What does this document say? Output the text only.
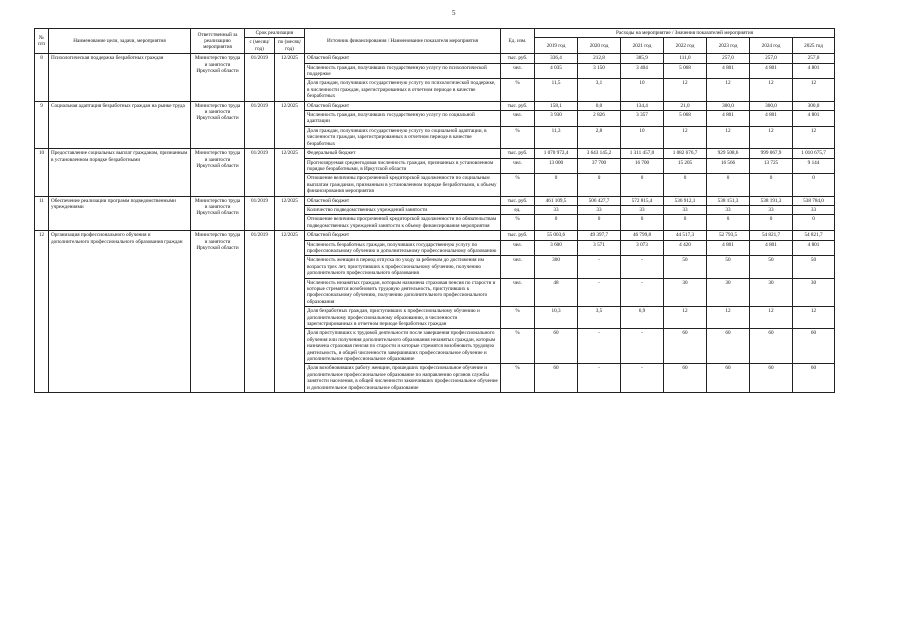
5
№ п/п	Наименование цели, задачи, мероприятия	Ответственный за реализацию мероприятия	Срок реализации		Источник финансирования / Наименование показателя мероприятия	Ед. изм.	Расходы на мероприятие / Значения показателей мероприятия						
			с (месяц/ год)	по (месяц/ год)			2019 год	2020 год	2021 год	2022 год	2023 год	2024 год	2025 год
8	Психологическая поддержка безработных граждан	Министерство труда и занятости Иркутской области	01/2019	12/2025	Областной бюджет	тыс. руб.	336,4	212,8	385,9	111,0	257,0	257,0	257,0
					Численность граждан, получивших государственную услугу по психологической поддержке	чел.	4 035	3 150	3 404	5 068	4 801	4 801	4 801
					Доля граждан, получивших государственную услугу по психологической поддержке, в численности граждан, зарегистрированных в отчетном периоде в качестве безработных	%	11,5	3,1	10	12	12	12	12
9	Социальная адаптация безработных граждан на рынке труда	Министерство труда и занятости Иркутской области	01/2019	12/2025	Областной бюджет	тыс. руб.	158,1	0,0	134,4	21,0	300,0	300,0	300,0
					Численность граждан, получивших государственную услугу по социальной адаптации	чел.	3 930	2 826	3 357	5 068	4 801	4 801	4 801
					Доля граждан, получивших государственную услугу по социальной адаптации, в численности граждан, зарегистрированных в отчетном периоде в качестве безработных	%	11,3	2,8	10	12	12	12	12
10	Предоставление социальных выплат гражданам, признанным в установленном порядке безработными	Министерство труда и занятости Иркутской области	01/2019	12/2025	Федеральный бюджет	тыс. руб.	1 070 972,4	3 643 145,2	1 311 457,0	1 082 676,7	929 508,6	999 067,9	1 010 675,7
					Прогнозируемая среднегодовая численность граждан, признанных в установленном порядке безработными, в Иркутской области	чел.	13 000	37 700	16 700	15 205	16 566	13 725	9 144
					Отношение величины просроченной кредиторской задолженности по социальным выплатам гражданам, признанным в установленном порядке безработными, к объему финансирования мероприятия	%	0	0	0	0	0	0	0
11	Обеспечение реализации программ подведомственными учреждениями	Министерство труда и занятости Иркутской области	01/2019	12/2025	Областной бюджет	тыс. руб.	461 109,5	506 427,7	572 815,4	536 912,1	538 151,3	538 191,3	538 784,0
					Количество подведомственных учреждений занятости	ед.	33	33	33	33	33	33	33
					Отношение величины просроченной кредиторской задолженности по обязательствам подведомственных учреждений занятости к объему финансирования мероприятия	%	0	0	0	0	0	0	0
12	Организация профессионального обучения и дополнительного профессионального образования граждан	Министерство труда и занятости Иркутской области	01/2019	12/2025	Областной бюджет	тыс. руб.	55 003,6	49 397,7	46 799,8	44 517,3	52 793,5	54 821,7	54 821,7
					Численность безработных граждан, получивших государственную услугу по профессиональному обучению и дополнительному профессиональному образованию	чел.	3 600	3 571	3 073	4 420	4 801	4 801	4 801
					Численность женщин в период отпуска по уходу за ребенком до достижения им возраста трех лет, приступивших к профессиональному обучению, получению дополнительного профессионального образования	чел.	300	-	-	50	50	50	50
					Численность незанятых граждан, которым назначена страховая пенсия по старости и которые стремятся возобновить трудовую деятельность, приступивших к профессиональному обучению, получению дополнительного профессионального образования	чел.	48	-	-	30	30	30	30
					Доля безработных граждан, приступивших к профессиональному обучению и дополнительному профессиональному образованию, в численности зарегистрированных в отчетном периоде безработных граждан	%	10,3	3,5	6,9	12	12	12	12
					Доля приступивших к трудовой деятельности после завершения профессионального обучения или получения дополнительного образования незанятых граждан, которым назначена страховая пенсия по старости и которые стремятся возобновить трудовую деятельность, в общей численности завершивших профессиональное обучение и дополнительное профессиональное образование	%	60	-	-	60	60	60	60
					Доля возобновивших работу женщин, прошедших профессиональное обучение и дополнительное профессиональное образование по направлению органов службы занятости населения, в общей численности закончивших профессиональное обучение и дополнительное профессиональное образование	%	60	-	-	60	60	60	60
